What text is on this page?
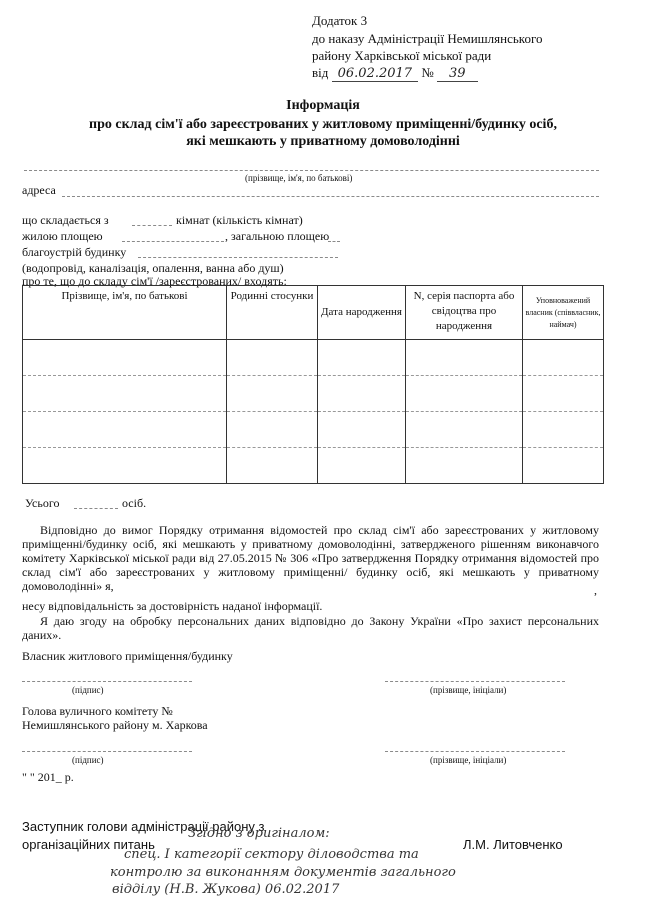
Додаток 3
до наказу Адміністрації Немишлянського
району Харківської міської ради
від 06.02.2017 № 39
Інформація
про склад сім'ї або зареєстрованих у житловому приміщенні/будинку осіб,
які мешкають у приватному домоволодінні
(прізвище, ім'я, по батькові)
адреса
що складається з	кімнат (кількість кімнат)
жилою площею	, загальною площею
благоустрій будинку
(водопровід, каналізація, опалення, ванна або душ)
про те, що до складу сім'ї /зареєстрованих/ входять:
Прізвище, ім'я, по батькові	Родинні стосунки	Дата народження	N, серія паспорта або свідоцтва про народження	Уповноважений власник (співвласник, наймач)

Усього	осіб.
Відповідно до вимог Порядку отримання відомостей про склад сім'ї або зареєстрованих у житловому приміщенні/будинку осіб, які мешкають у приватному домоволодінні, затвердженого рішенням виконавчого комітету Харківської міської ради від 27.05.2015 № 306 «Про затвердження Порядку отримання відомостей про склад сім'ї або зареєстрованих у житловому приміщенні/ будинку осіб, які мешкають у приватному домоволодінні» я,	,
несу відповідальність за достовірність наданої інформації.
Я даю згоду на обробку персональних даних відповідно до Закону України «Про захист персональних даних».
Власник житлового приміщення/будинку
(підпис)	(прізвище, ініціали)
Голова вуличного комітету №
Немишлянського району м. Харкова
(підпис)	(прізвище, ініціали)
" " 201_ р.
Заступник голови адміністрації району з
організаційних питань	Л.М. Литовченко
Згідно з оригіналом:
спец. I категорії сектору діловодства та
контролю за виконанням документів загального
відділу (Н.В. Жукова) 06.02.2017
